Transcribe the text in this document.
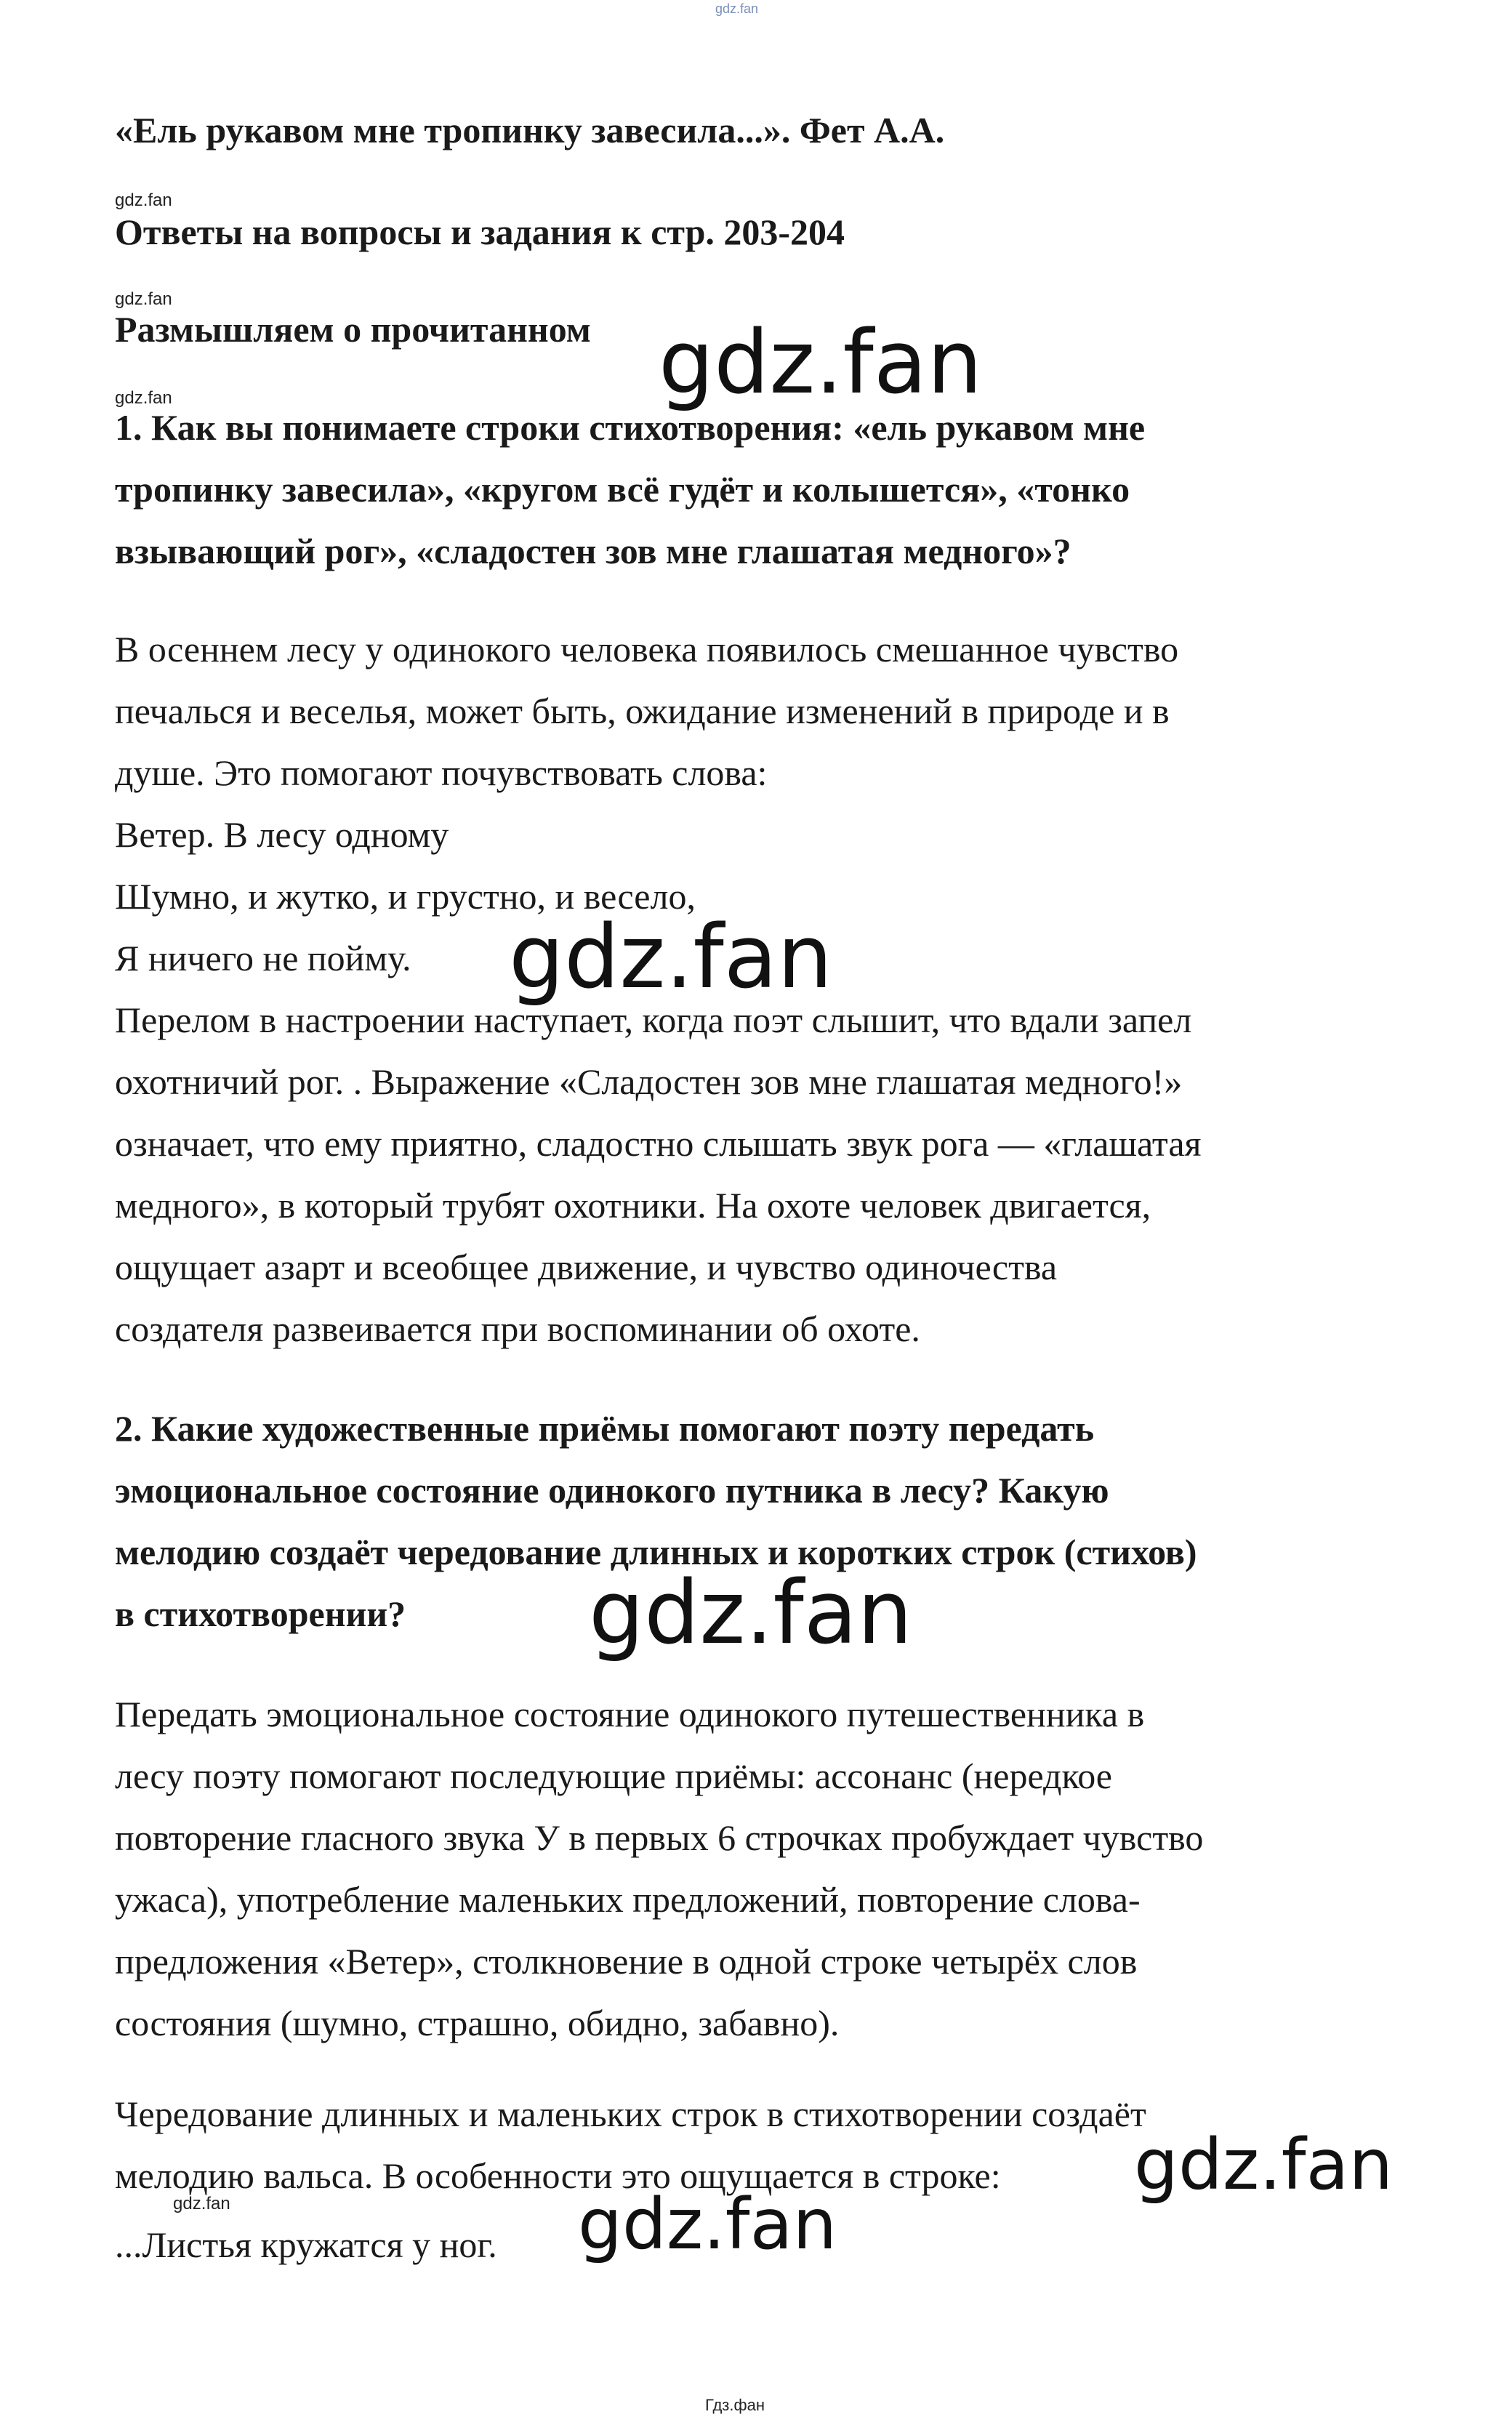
gdz.fan
«Ель рукавом мне тропинку завесила...». Фет А.А.
gdz.fan
Ответы на вопросы и задания к стр. 203-204
gdz.fan
Размышляем о прочитанном
gdz.fan
1. Как вы понимаете строки стихотворения: «ель рукавом мне
тропинку завесила», «кругом всё гудёт и колышется», «тонко
взывающий рог», «сладостен зов мне глашатая медного»?
В осеннем лесу у одинокого человека появилось смешанное чувство
печалься и веселья, может быть, ожидание изменений в природе и в
душе. Это помогают почувствовать слова:
Ветер. В лесу одному
Шумно, и жутко, и грустно, и весело,
Я ничего не пойму.
Перелом в настроении наступает, когда поэт слышит, что вдали запел
охотничий рог. . Выражение «Сладостен зов мне глашатая медного!»
означает, что ему приятно, сладостно слышать звук рога — «глашатая
медного», в который трубят охотники. На охоте человек двигается,
ощущает азарт и всеобщее движение, и чувство одиночества
создателя развеивается при воспоминании об охоте.
2. Какие художественные приёмы помогают поэту передать
эмоциональное состояние одинокого путника в лесу? Какую
мелодию создаёт чередование длинных и коротких строк (стихов)
в стихотворении?
Передать эмоциональное состояние одинокого путешественника в
лесу поэту помогают последующие приёмы: ассонанс (нередкое
повторение гласного звука У в первых 6 строчках пробуждает чувство
ужаса), употребление маленьких предложений, повторение слова-
предложения «Ветер», столкновение в одной строке четырёх слов
состояния (шумно, страшно, обидно, забавно).
Чередование длинных и маленьких строк в стихотворении создаёт
мелодию вальса. В особенности это ощущается в строке:
...Листья кружатся у ног.
gdz.fan
gdz.fan
gdz.fan
gdz.fan
gdz.fan
gdz.fan
Гдз.фан
